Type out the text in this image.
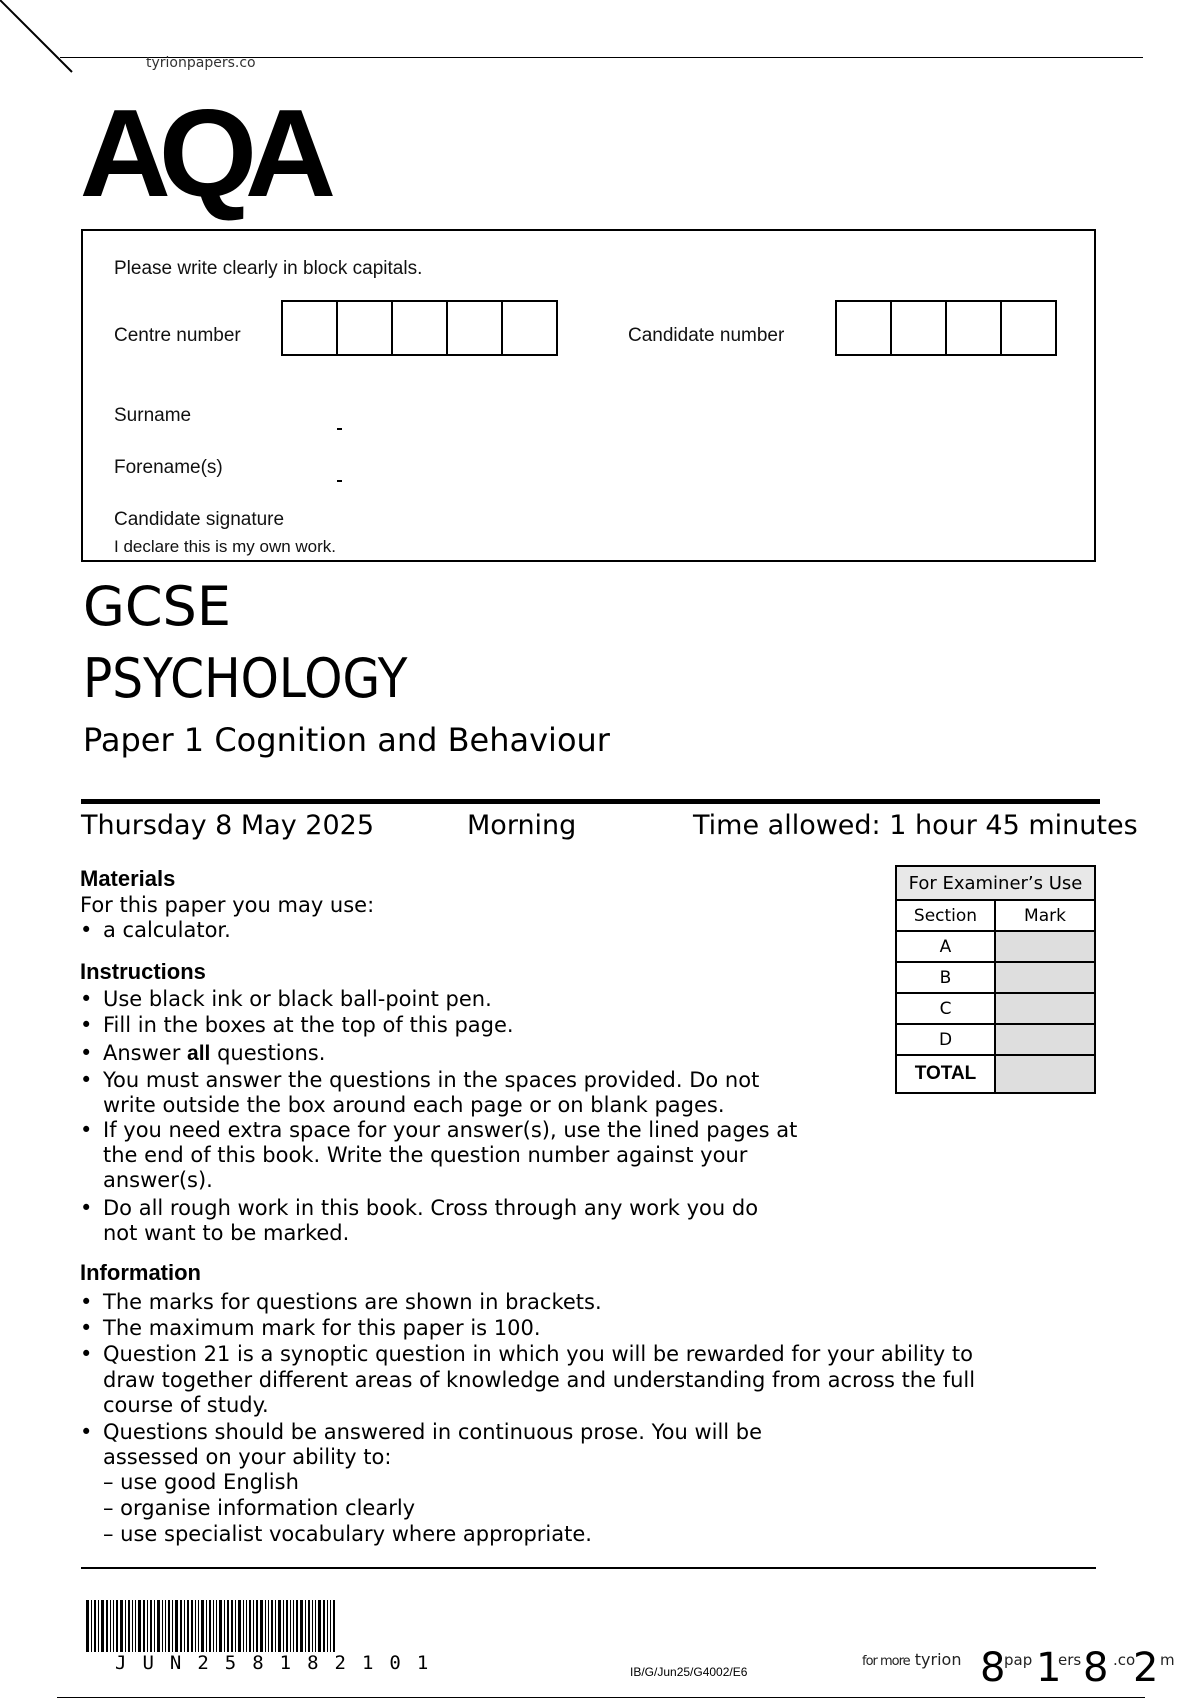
tyrionpapers.co
AQA
Please write clearly in block capitals.
Centre number	Candidate number
Surname
Forename(s)
Candidate signature
I declare this is my own work.
GCSE
PSYCHOLOGY
Paper 1 Cognition and Behaviour
Thursday 8 May 2025	Morning	Time allowed: 1 hour 45 minutes
Materials
For this paper you may use:
• a calculator.
Instructions
• Use black ink or black ball-point pen.
• Fill in the boxes at the top of this page.
• Answer all questions.
• You must answer the questions in the spaces provided. Do not
write outside the box around each page or on blank pages.
• If you need extra space for your answer(s), use the lined pages at
the end of this book. Write the question number against your
answer(s).
• Do all rough work in this book. Cross through any work you do
not want to be marked.
Information
• The marks for questions are shown in brackets.
• The maximum mark for this paper is 100.
• Question 21 is a synoptic question in which you will be rewarded for your ability to
draw together different areas of knowledge and understanding from across the full
course of study.
• Questions should be answered in continuous prose. You will be
assessed on your ability to:
– use good English
– organise information clearly
– use specialist vocabulary where appropriate.
For Examiner’s Use	
Section	Mark
A	
B	
C	
D	
TOTAL	
JUN258182101	IB/G/Jun25/G4002/E6
for more tyrion 8
pap 1
ers 8 .co
2 m
